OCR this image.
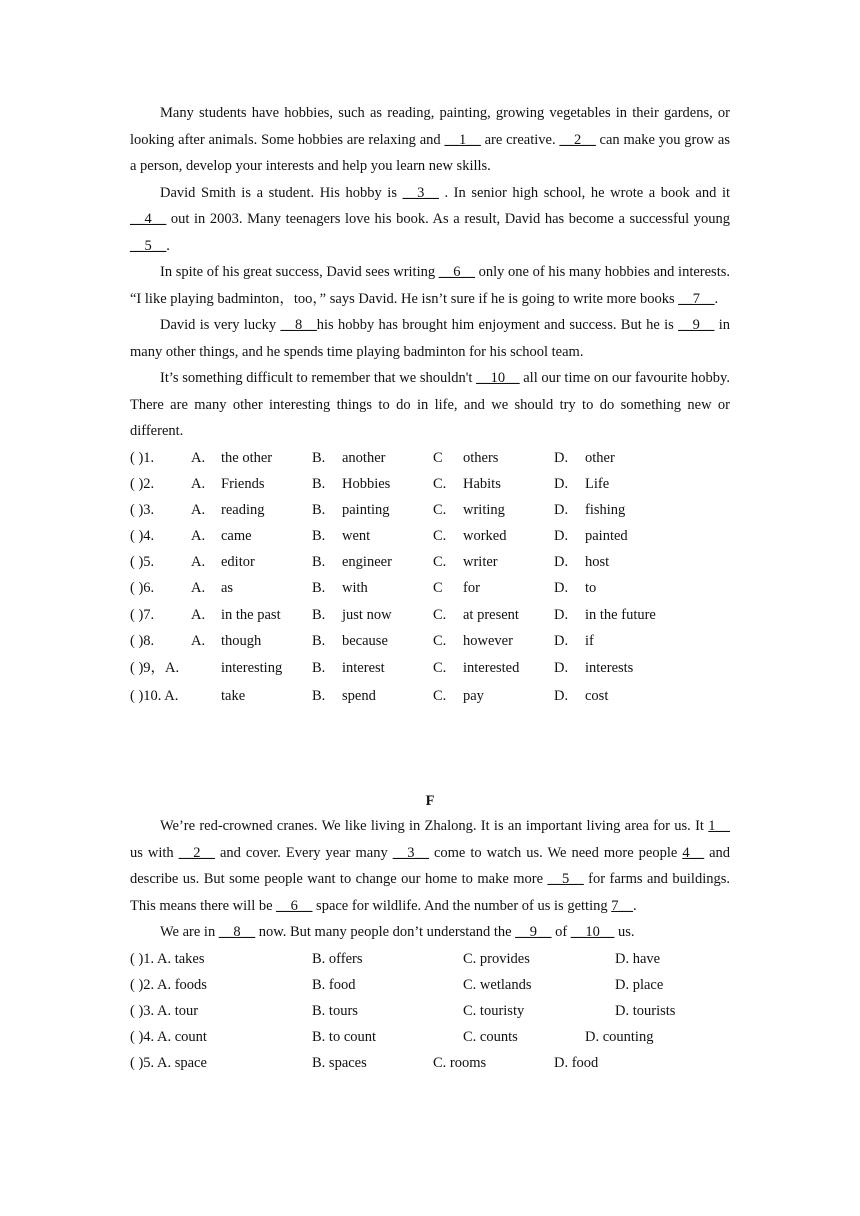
Many students have hobbies, such as reading, painting, growing vegetables in their gardens, or looking after animals. Some hobbies are relaxing and __1__ are creative. __2__ can make you grow as a person, develop your interests and help you learn new skills.

David Smith is a student. His hobby is __3__ . In senior high school, he wrote a book and it __4__ out in 2003. Many teenagers love his book. As a result, David has become a successful young __5__.

In spite of his great success, David sees writing __6__ only one of his many hobbies and interests. “I like playing badminton，too，” says David. He isn’t sure if he is going to write more books __7__.

David is very lucky __8__his hobby has brought him enjoyment and success. But he is __9__ in many other things, and he spends time playing badminton for his school team.

It’s something difficult to remember that we shouldn't __10__ all our time on our favourite hobby. There are many other interesting things to do in life, and we should try to do something new or different.

( )1.	A. the other	B. another	C others	D. other
( )2.	A. Friends	B. Hobbies	C. Habits	D. Life
( )3.	A. reading	B. painting	C. writing	D. fishing
( )4.	A. came	B. went	C. worked	D. painted
( )5.	A. editor	B. engineer	C. writer	D. host
( )6.	A. as	B. with	C for	D. to
( )7.	A. in the past B. just now	C. at present D. in the future
( )8.	A. though	B. because	C. however	D. if
( )9，A.	interesting B. interest	C. interested D. interests
( )10. A.	take	B. spend	C. pay	D. cost
F

We’re red-crowned cranes. We like living in Zhalong. It is an important living area for us. It 1__ us with __2__ and cover. Every year many __3__ come to watch us. We need more people 4__ and describe us. But some people want to change our home to make more __5__ for farms and buildings. This means there will be __6__ space for wildlife. And the number of us is getting 7__.

We are in __8__ now. But many people don’t understand the __9__ of __10__ us.

( )1. A. takes	B. offers	C. provides	D. have
( )2. A. foods	B. food	C. wetlands	D. place
( )3. A. tour	B. tours	C. touristy	D. tourists
( )4. A. count	B. to count	C. counts	D. counting
( )5. A. space	B. spaces	C. rooms	D. food
